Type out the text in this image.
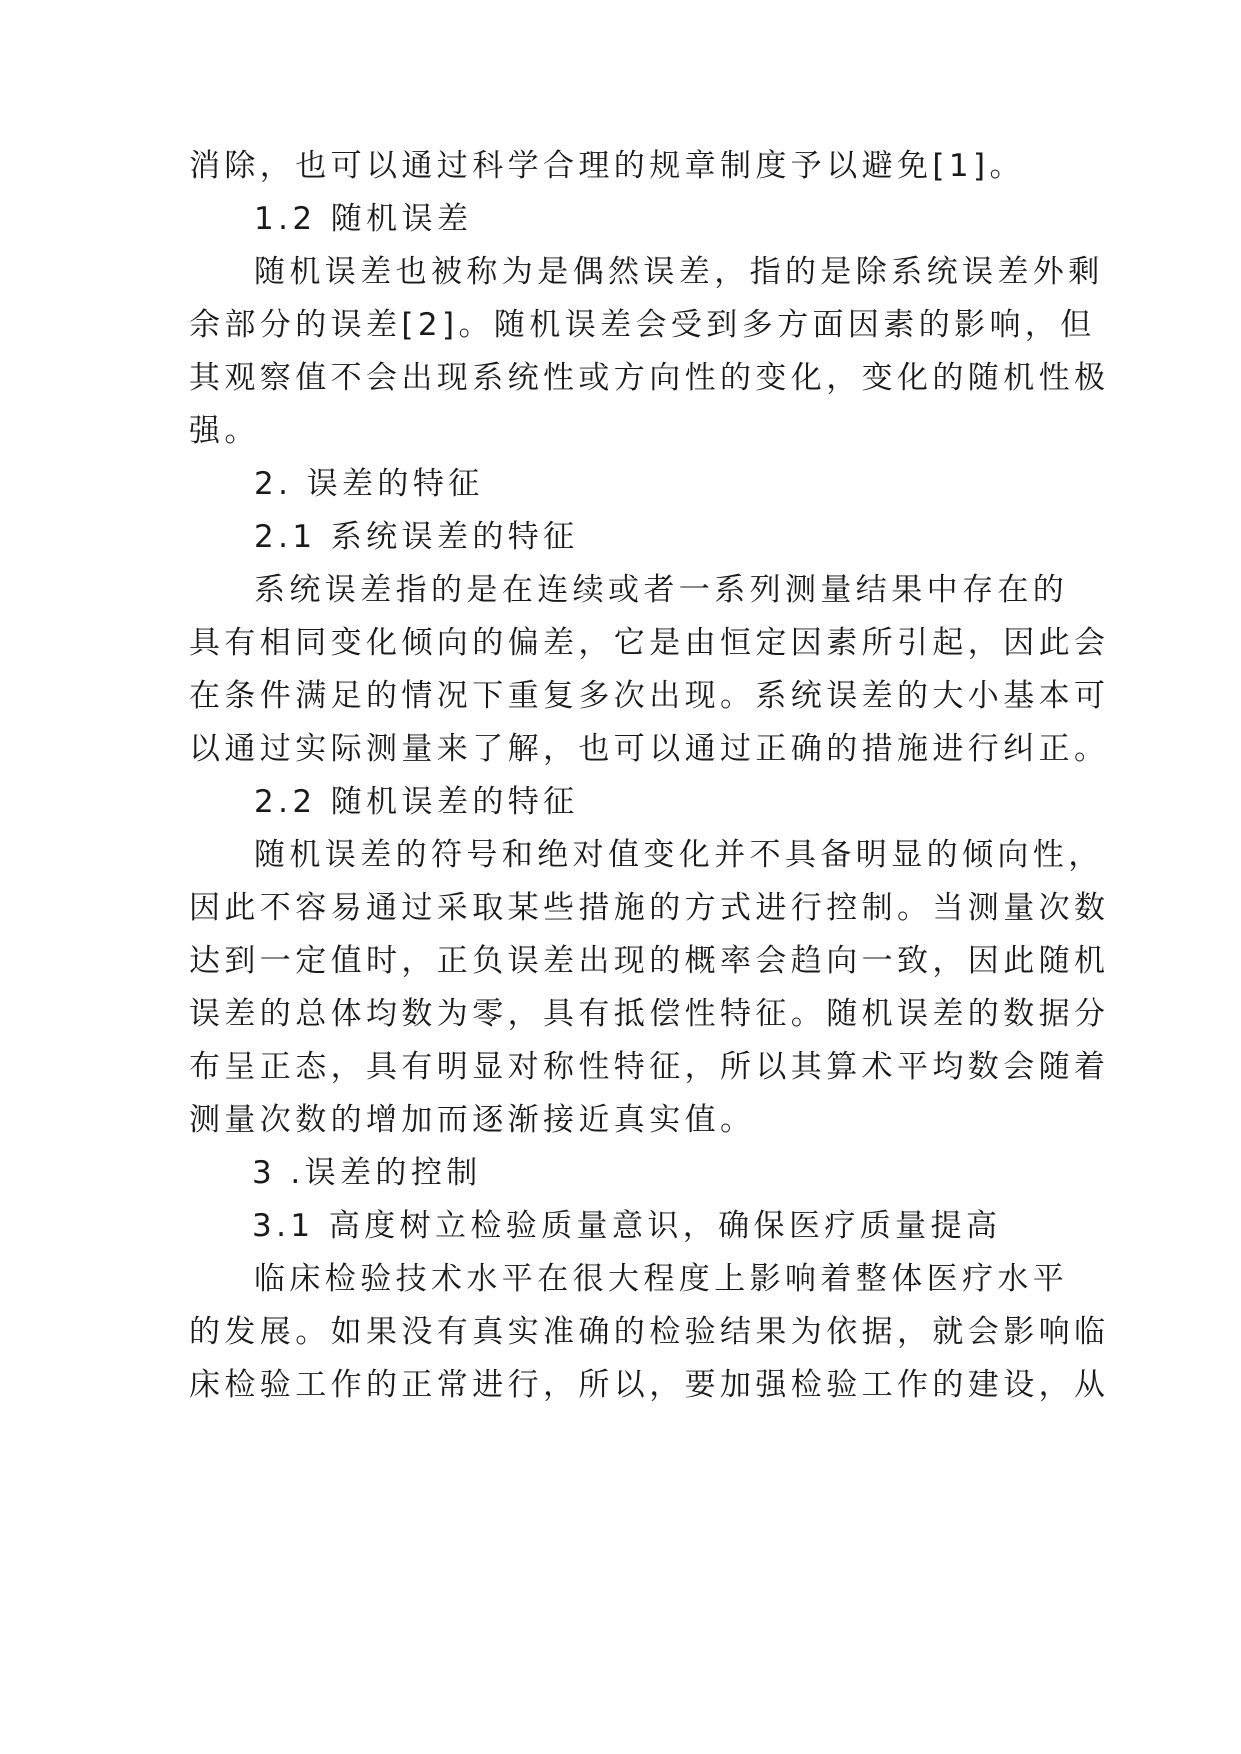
消除，也可以通过科学合理的规章制度予以避免[1]。

1.2 随机误差

随机误差也被称为是偶然误差，指的是除系统误差外剩

余部分的误差[2]。随机误差会受到多方面因素的影响，但

其观察值不会出现系统性或方向性的变化，变化的随机性极

强。

2. 误差的特征

2.1 系统误差的特征

系统误差指的是在连续或者一系列测量结果中存在的

具有相同变化倾向的偏差，它是由恒定因素所引起，因此会

在条件满足的情况下重复多次出现。系统误差的大小基本可

以通过实际测量来了解，也可以通过正确的措施进行纠正。

2.2 随机误差的特征

随机误差的符号和绝对值变化并不具备明显的倾向性，

因此不容易通过采取某些措施的方式进行控制。当测量次数

达到一定值时，正负误差出现的概率会趋向一致，因此随机

误差的总体均数为零，具有抵偿性特征。随机误差的数据分

布呈正态，具有明显对称性特征，所以其算术平均数会随着

测量次数的增加而逐渐接近真实值。

3 .误差的控制

3.1 高度树立检验质量意识，确保医疗质量提高

临床检验技术水平在很大程度上影响着整体医疗水平

的发展。如果没有真实准确的检验结果为依据，就会影响临

床检验工作的正常进行，所以，要加强检验工作的建设，从
